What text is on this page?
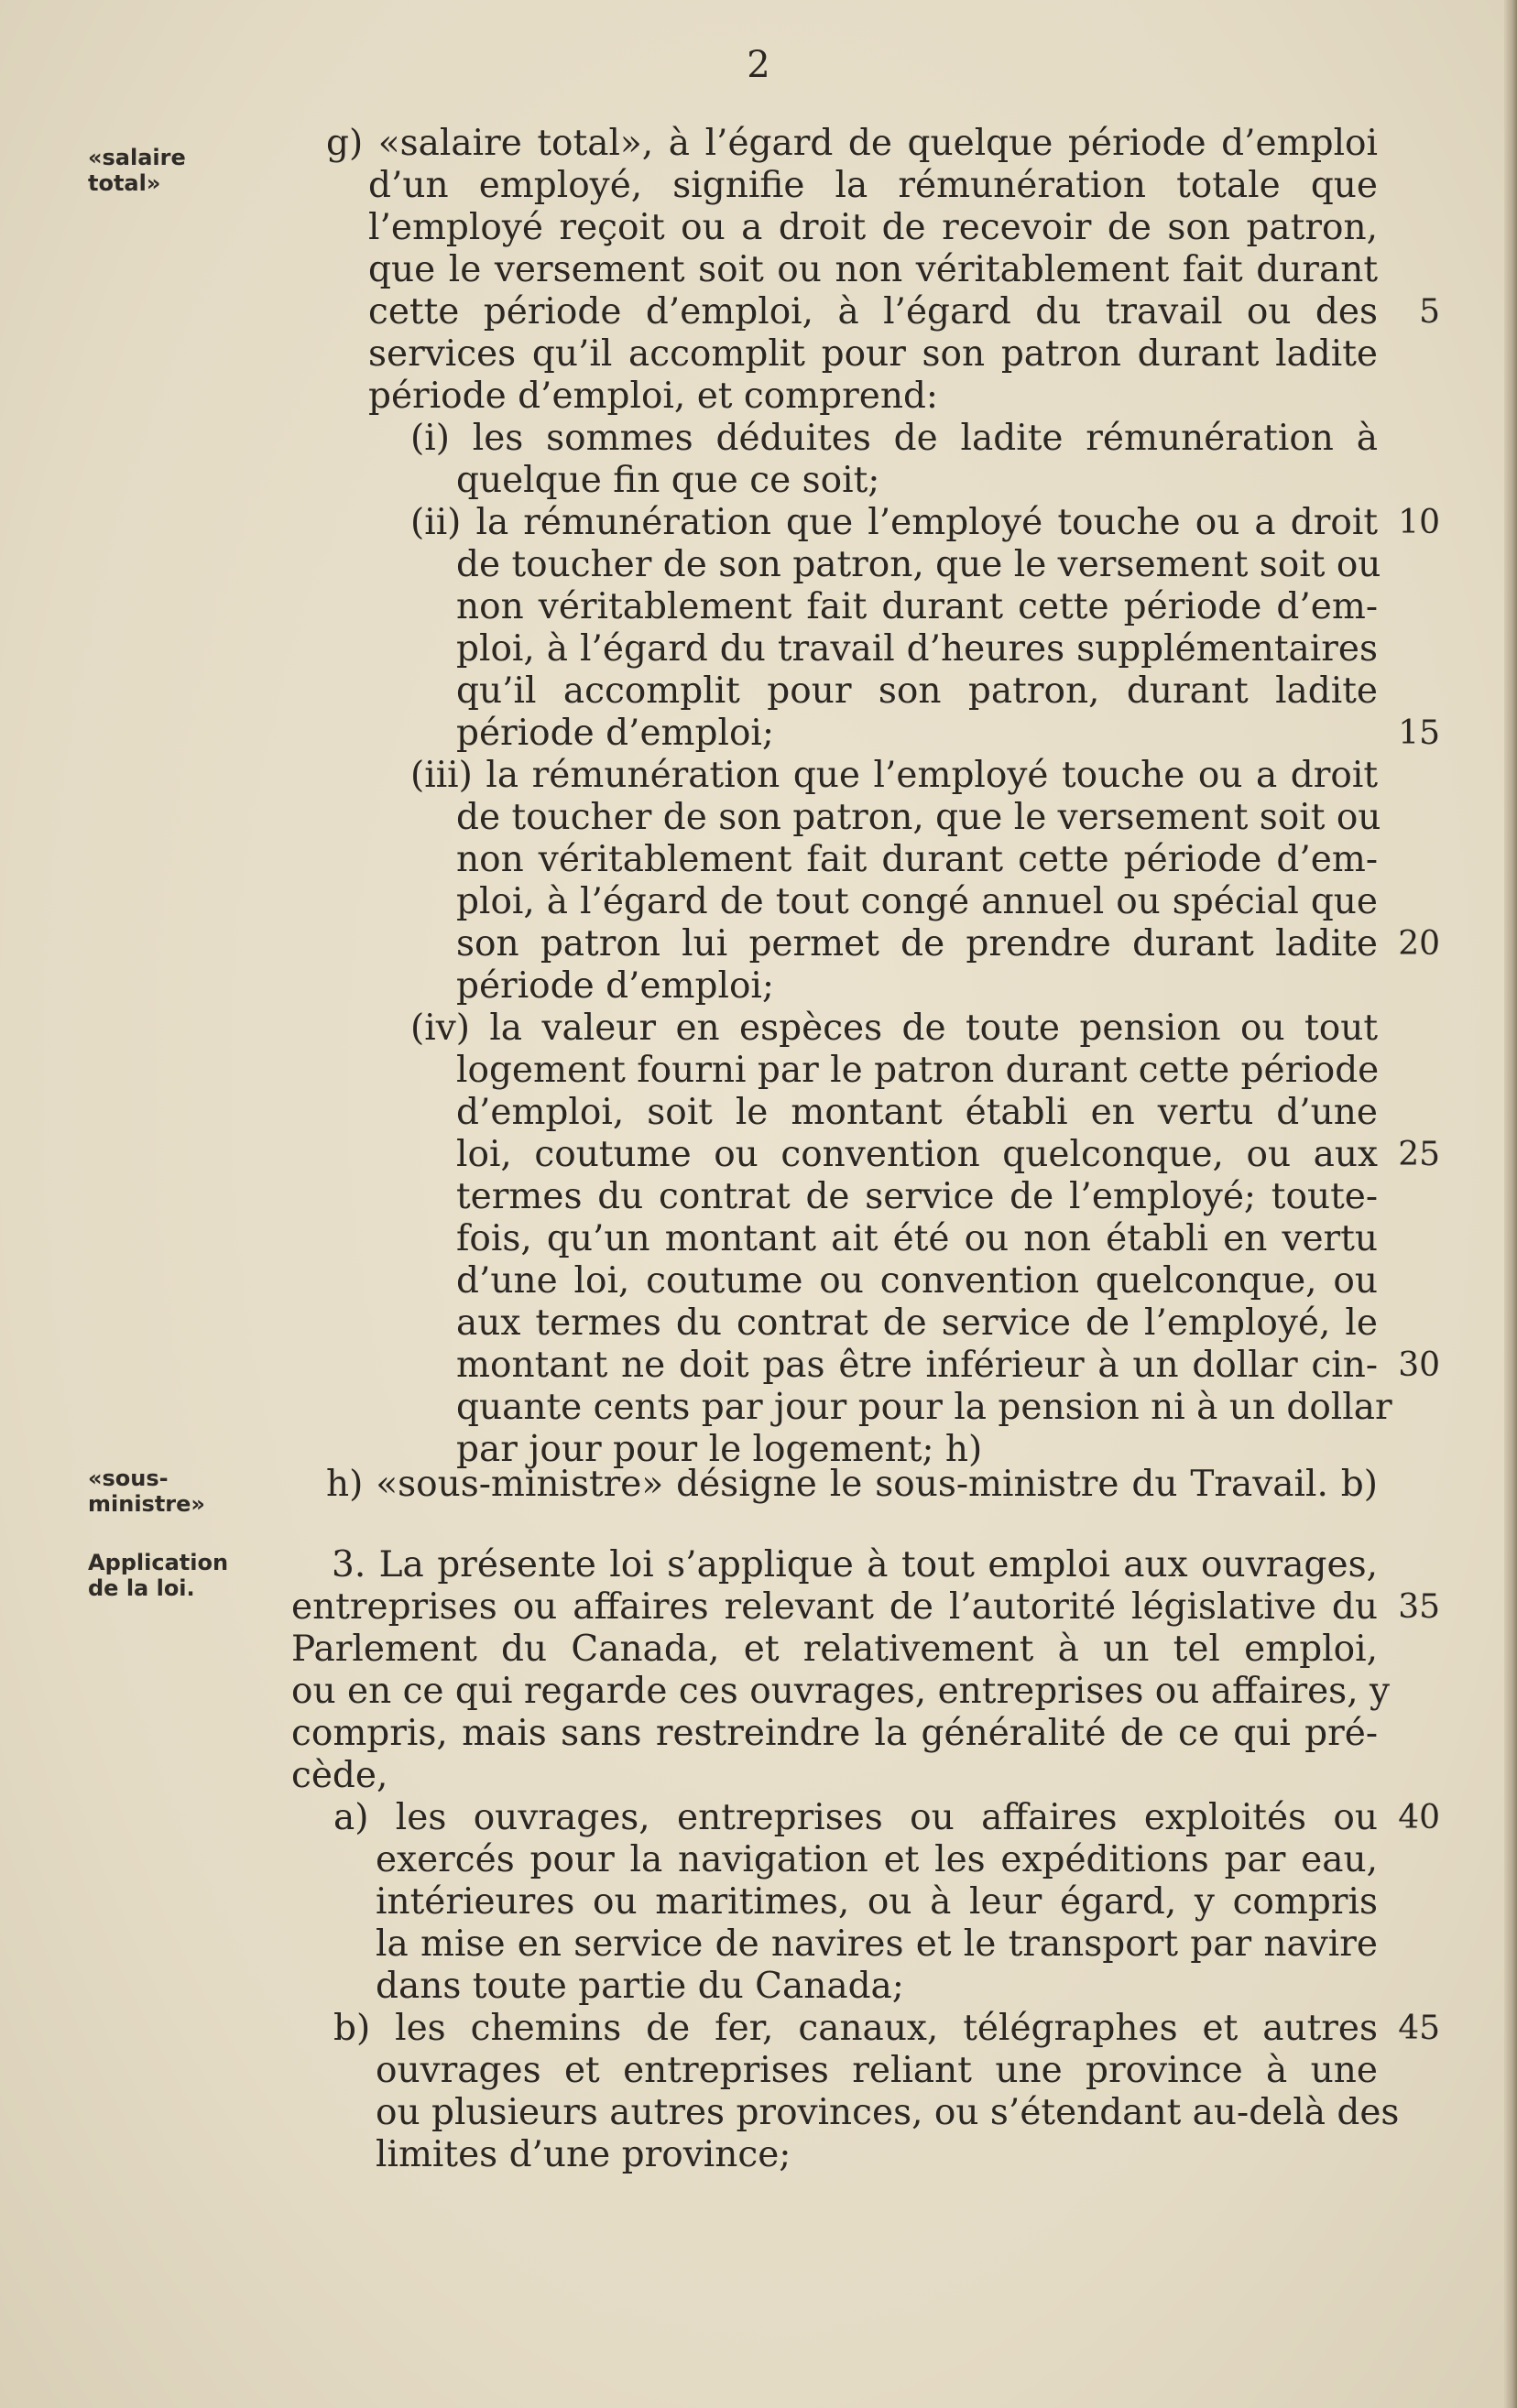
2
«salaire total»
«sous-ministre»
Application de la loi.
g) «salaire total», à l’égard de quelque période d’emploi
d’un employé, signifie la rémunération totale que
l’employé reçoit ou a droit de recevoir de son patron,
que le versement soit ou non véritablement fait durant
cette période d’emploi, à l’égard du travail ou des
services qu’il accomplit pour son patron durant ladite
période d’emploi, et comprend:
(i) les sommes déduites de ladite rémunération à
quelque fin que ce soit;
(ii) la rémunération que l’employé touche ou a droit
de toucher de son patron, que le versement soit ou
non véritablement fait durant cette période d’em-
ploi, à l’égard du travail d’heures supplémentaires
qu’il accomplit pour son patron, durant ladite
période d’emploi;
(iii) la rémunération que l’employé touche ou a droit
de toucher de son patron, que le versement soit ou
non véritablement fait durant cette période d’em-
ploi, à l’égard de tout congé annuel ou spécial que
son patron lui permet de prendre durant ladite
période d’emploi;
(iv) la valeur en espèces de toute pension ou tout
logement fourni par le patron durant cette période
d’emploi, soit le montant établi en vertu d’une
loi, coutume ou convention quelconque, ou aux
termes du contrat de service de l’employé; toute-
fois, qu’un montant ait été ou non établi en vertu
d’une loi, coutume ou convention quelconque, ou
aux termes du contrat de service de l’employé, le
montant ne doit pas être inférieur à un dollar cin-
quante cents par jour pour la pension ni à un dollar
par jour pour le logement; h)
h) «sous-ministre» désigne le sous-ministre du Travail. b)
3. La présente loi s’applique à tout emploi aux ouvrages,
entreprises ou affaires relevant de l’autorité législative du
Parlement du Canada, et relativement à un tel emploi,
ou en ce qui regarde ces ouvrages, entreprises ou affaires, y
compris, mais sans restreindre la généralité de ce qui pré-
cède,
a) les ouvrages, entreprises ou affaires exploités ou
exercés pour la navigation et les expéditions par eau,
intérieures ou maritimes, ou à leur égard, y compris
la mise en service de navires et le transport par navire
dans toute partie du Canada;
b) les chemins de fer, canaux, télégraphes et autres
ouvrages et entreprises reliant une province à une
ou plusieurs autres provinces, ou s’étendant au-delà des
limites d’une province;
5
10
15
20
25
30
35
40
45
